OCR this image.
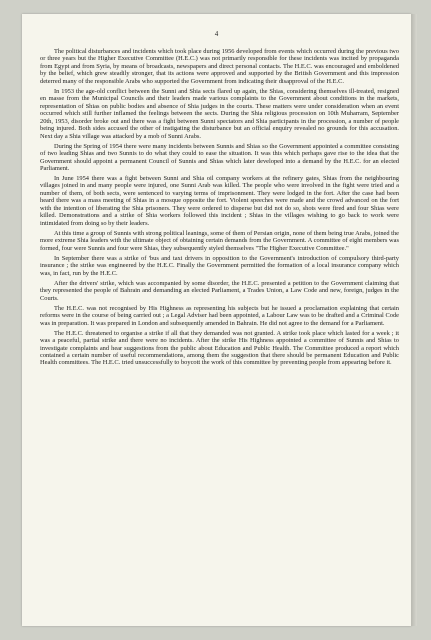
4

The political disturbances and incidents which took place during 1956 developed from events which occurred during the previous two or three years but the Higher Executive Committee (H.E.C.) was not primarily responsible for these incidents was incited by propaganda from Egypt and from Syria, by means of broadcasts, newspapers and direct personal contacts. The H.E.C. was encouraged and emboldened by the belief, which grew steadily stronger, that its actions were approved and supported by the British Government and this impression deterred many of the responsible Arabs who supported the Government from indicating their disapproval of the H.E.C.

In 1953 the age-old conflict between the Sunni and Shia sects flared up again, the Shias, considering themselves ill-treated, resigned en masse from the Municipal Councils and their leaders made various complaints to the Government about conditions in the markets, representation of Shias on public bodies and absence of Shia judges in the courts. These matters were under consideration when an event occurred which still further inflamed the feelings between the sects. During the Shia religious procession on 10th Muharram, September 20th, 1953, disorder broke out and there was a fight between Sunni spectators and Shia participants in the procession, a number of people being injured. Both sides accused the other of instigating the disturbance but an official enquiry revealed no grounds for this accusation. Next day a Shia village was attacked by a mob of Sunni Arabs.

During the Spring of 1954 there were many incidents between Sunnis and Shias so the Government appointed a committee consisting of two leading Shias and two Sunnis to do what they could to ease the situation. It was this which perhaps gave rise to the idea that the Government should appoint a permanent Council of Sunnis and Shias which later developed into a demand by the H.E.C. for an elected Parliament.

In June 1954 there was a fight between Sunni and Shia oil company workers at the refinery gates, Shias from the neighbouring villages joined in and many people were injured, one Sunni Arab was killed. The people who were involved in the fight were tried and a number of them, of both sects, were sentenced to varying terms of imprisonment. They were lodged in the fort. After the case had been heard there was a mass meeting of Shias in a mosque opposite the fort. Violent speeches were made and the crowd advanced on the fort with the intention of liberating the Shia prisoners. They were ordered to disperse but did not do so, shots were fired and four Shias were killed. Demonstrations and a strike of Shia workers followed this incident ; Shias in the villages wishing to go back to work were intimidated from doing so by their leaders.

At this time a group of Sunnis with strong political leanings, some of them of Persian origin, none of them being true Arabs, joined the more extreme Shia leaders with the ultimate object of obtaining certain demands from the Government. A committee of eight members was formed, four were Sunnis and four were Shias, they subsequently styled themselves "The Higher Executive Committee."

In September there was a strike of 'bus and taxi drivers in opposition to the Government's introduction of compulsory third-party insurance ; the strike was engineered by the H.E.C. Finally the Government permitted the formation of a local insurance company which was, in fact, run by the H.E.C.

After the drivers' strike, which was accompanied by some disorder, the H.E.C. presented a petition to the Government claiming that they represented the people of Bahrain and demanding an elected Parliament, a Trades Union, a Law Code and new, foreign, judges in the Courts.

The H.E.C. was not recognised by His Highness as representing his subjects but he issued a proclamation explaining that certain reforms were in the course of being carried out ; a Legal Adviser had been appointed, a Labour Law was to be drafted and a Criminal Code was in preparation. It was prepared in London and subsequently amended in Bahrain. He did not agree to the demand for a Parliament.

The H.E.C. threatened to organise a strike if all that they demanded was not granted. A strike took place which lasted for a week ; it was a peaceful, partial strike and there were no incidents. After the strike His Highness appointed a committee of Sunnis and Shias to investigate complaints and hear suggestions from the public about Education and Public Health. The Committee produced a report which contained a certain number of useful recommendations, among them the suggestion that there should be permanent Education and Public Health committees. The H.E.C. tried unsuccessfully to boycott the work of this committee by preventing people from appearing before it.
